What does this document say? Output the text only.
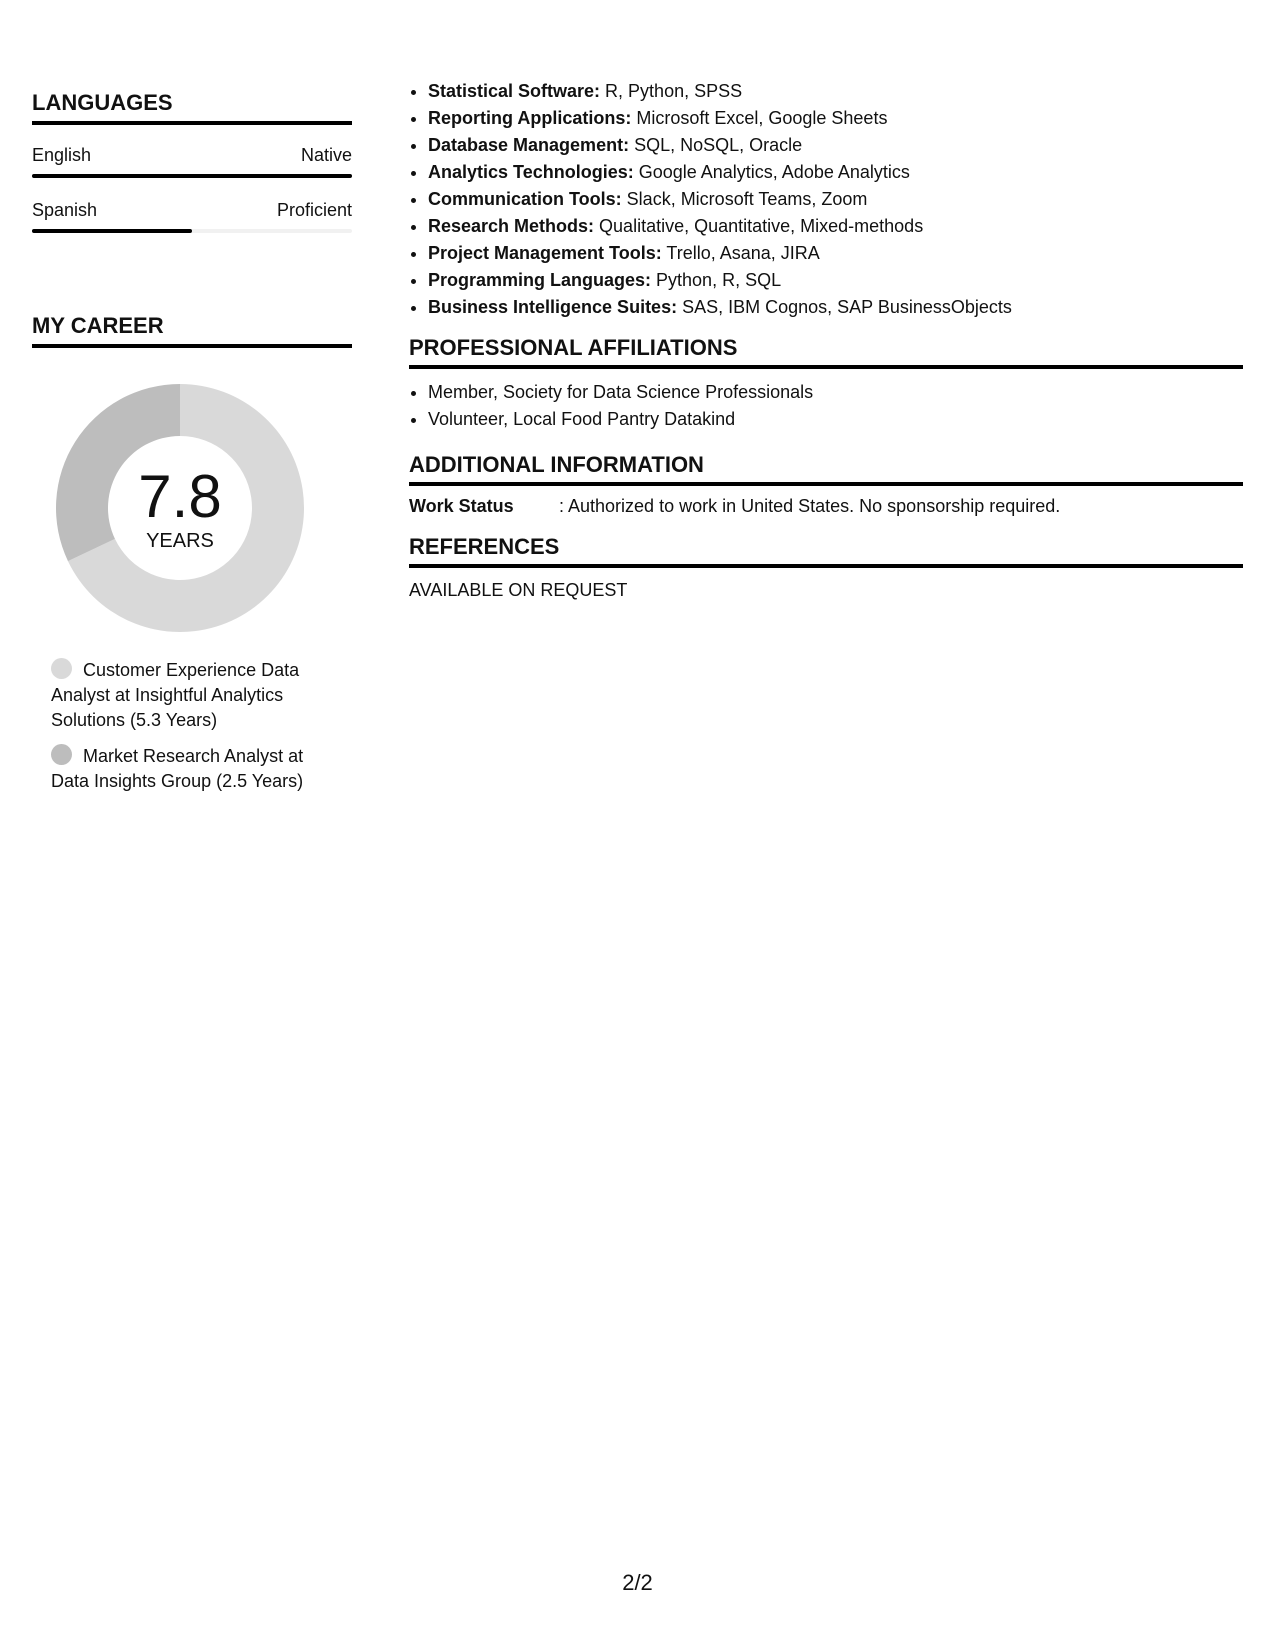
LANGUAGES
English	Native
Spanish	Proficient
MY CAREER
7.8
YEARS
Customer Experience Data Analyst at Insightful Analytics Solutions (5.3 Years)
Market Research Analyst at Data Insights Group (2.5 Years)
• Statistical Software: R, Python, SPSS
• Reporting Applications: Microsoft Excel, Google Sheets
• Database Management: SQL, NoSQL, Oracle
• Analytics Technologies: Google Analytics, Adobe Analytics
• Communication Tools: Slack, Microsoft Teams, Zoom
• Research Methods: Qualitative, Quantitative, Mixed-methods
• Project Management Tools: Trello, Asana, JIRA
• Programming Languages: Python, R, SQL
• Business Intelligence Suites: SAS, IBM Cognos, SAP BusinessObjects
PROFESSIONAL AFFILIATIONS
• Member, Society for Data Science Professionals
• Volunteer, Local Food Pantry Datakind
ADDITIONAL INFORMATION
Work Status	: Authorized to work in United States. No sponsorship required.
REFERENCES
AVAILABLE ON REQUEST
2/2
